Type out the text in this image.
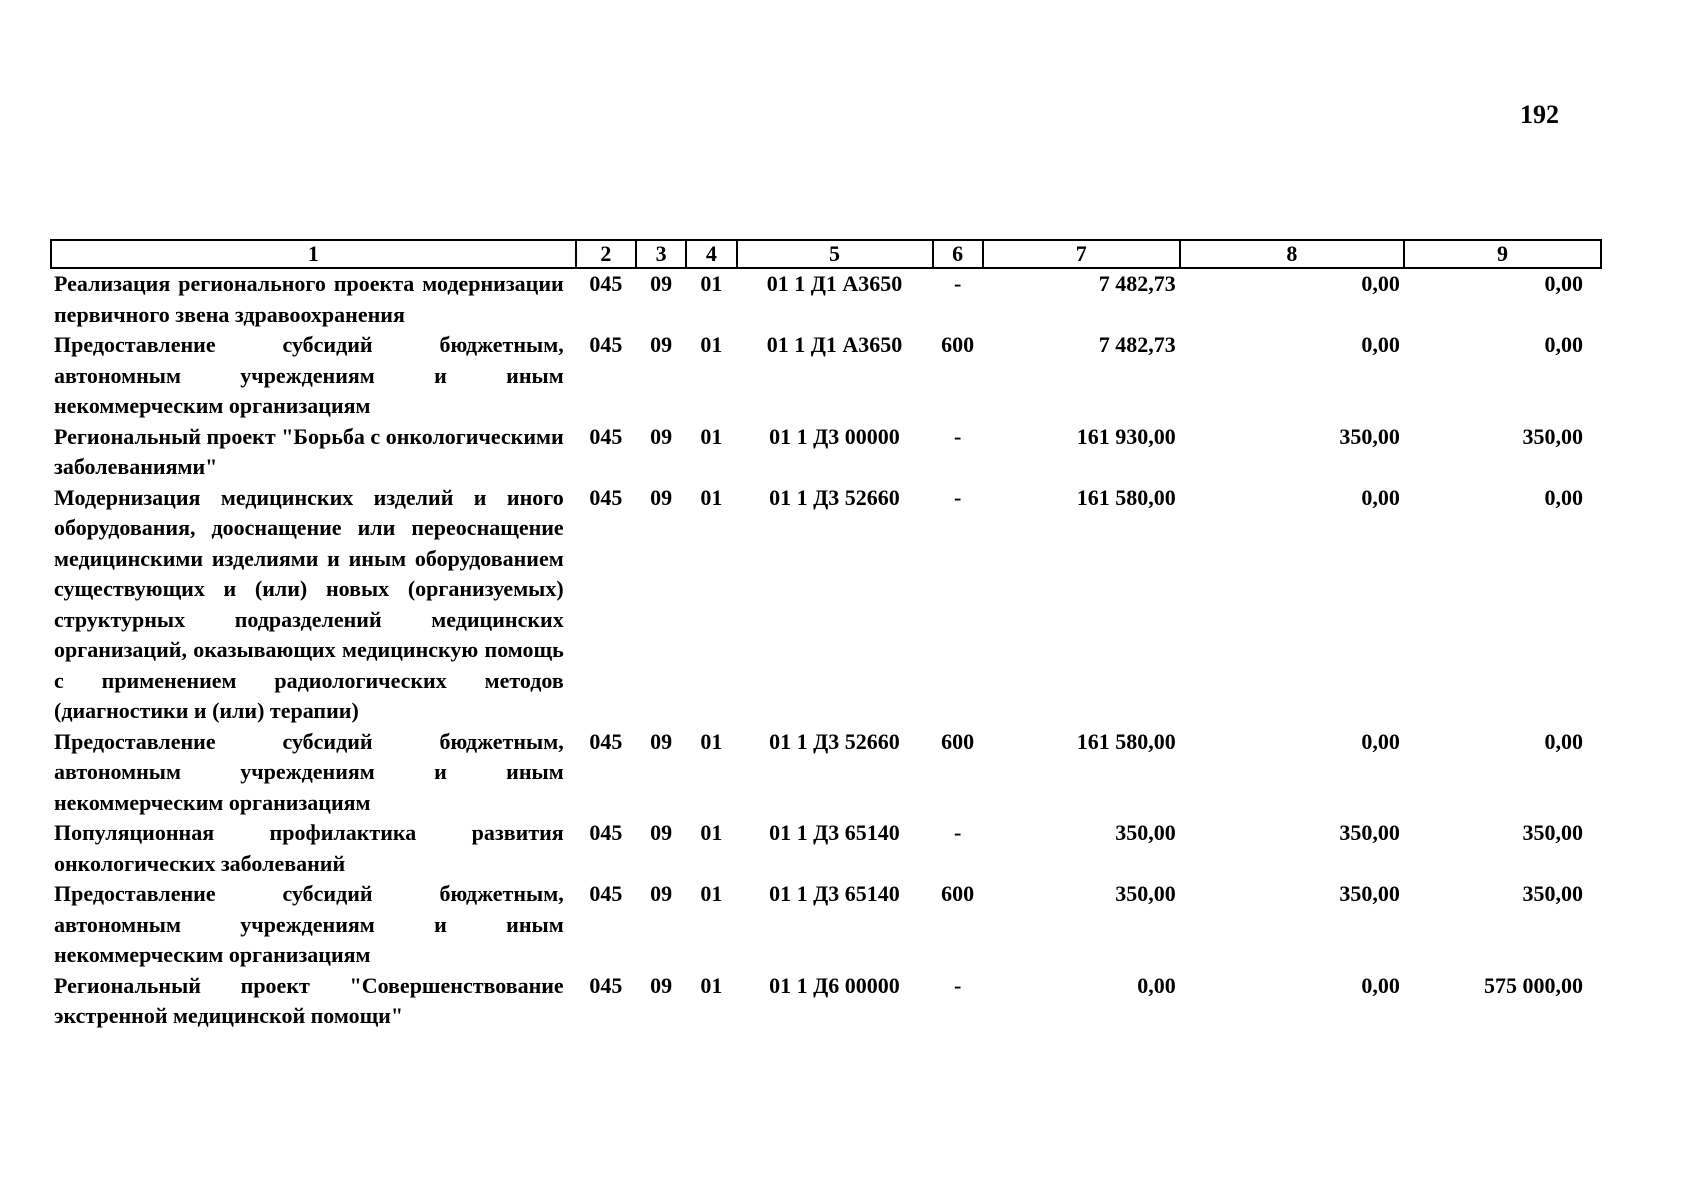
192
1	2	3	4	5	6	7	8	9
Реализация регионального проекта модернизации первичного звена здравоохранения	045	09	01	01 1 Д1 А3650	-	7 482,73	0,00	0,00
Предоставление субсидий бюджетным, автономным учреждениям и иным некоммерческим организациям	045	09	01	01 1 Д1 А3650	600	7 482,73	0,00	0,00
Региональный проект "Борьба с онкологическими заболеваниями"	045	09	01	01 1 Д3 00000	-	161 930,00	350,00	350,00
Модернизация медицинских изделий и иного оборудования, дооснащение или переоснащение медицинскими изделиями и иным оборудованием существующих и (или) новых (организуемых) структурных подразделений медицинских организаций, оказывающих медицинскую помощь с применением радиологических методов (диагностики и (или) терапии)	045	09	01	01 1 Д3 52660	-	161 580,00	0,00	0,00
Предоставление субсидий бюджетным, автономным учреждениям и иным некоммерческим организациям	045	09	01	01 1 Д3 52660	600	161 580,00	0,00	0,00
Популяционная профилактика развития онкологических заболеваний	045	09	01	01 1 Д3 65140	-	350,00	350,00	350,00
Предоставление субсидий бюджетным, автономным учреждениям и иным некоммерческим организациям	045	09	01	01 1 Д3 65140	600	350,00	350,00	350,00
Региональный проект "Совершенствование экстренной медицинской помощи"	045	09	01	01 1 Д6 00000	-	0,00	0,00	575 000,00
